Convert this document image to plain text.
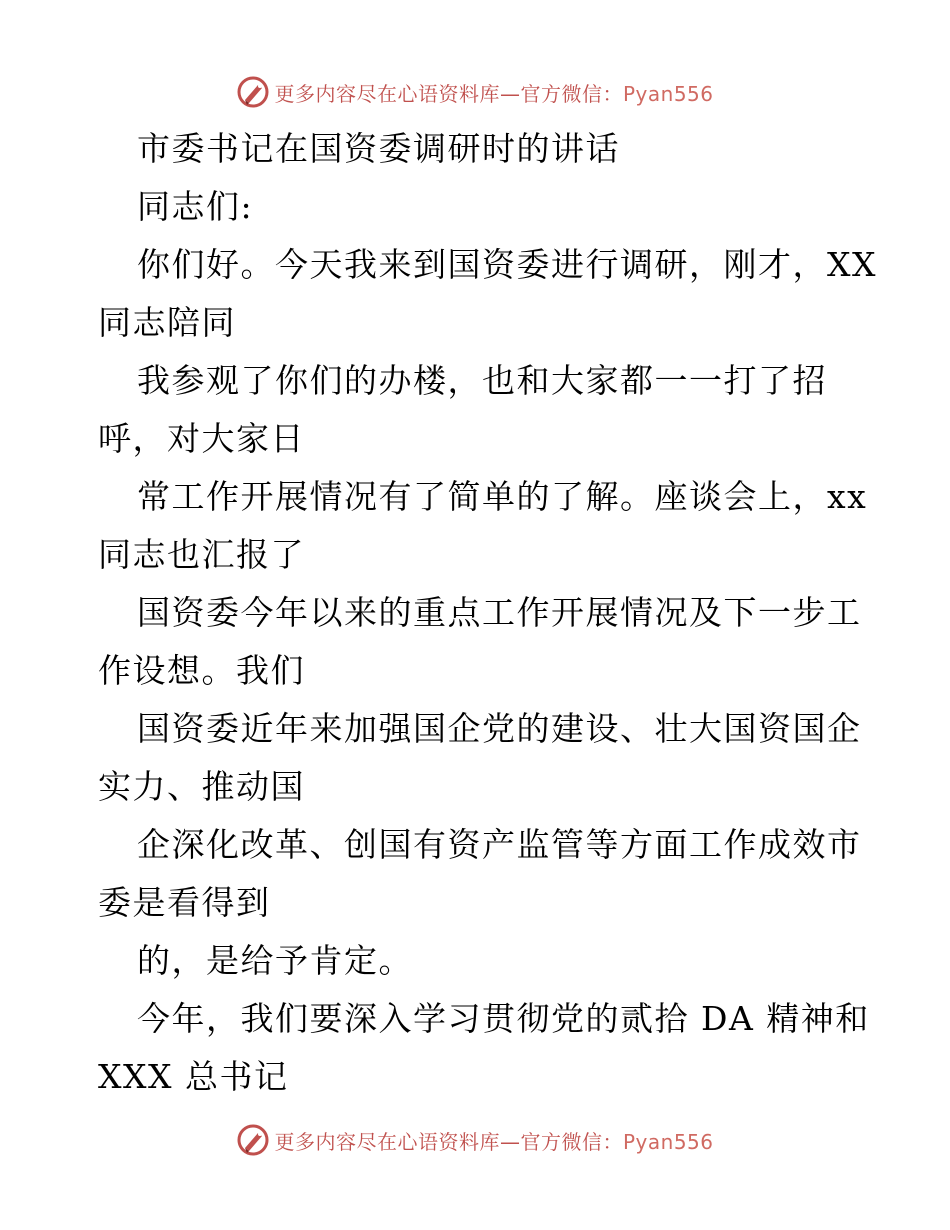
更多内容尽在心语资料库—官方微信：Pyan556
市委书记在国资委调研时的讲话
同志们:
你们好。今天我来到国资委进行调研，刚才，XX
同志陪同
我参观了你们的办楼，也和大家都一一打了招
呼，对大家日
常工作开展情况有了简单的了解。座谈会上，xx
同志也汇报了
国资委今年以来的重点工作开展情况及下一步工
作设想。我们
国资委近年来加强国企党的建设、壮大国资国企
实力、推动国
企深化改革、创国有资产监管等方面工作成效市
委是看得到
的，是给予肯定。
今年，我们要深入学习贯彻党的贰拾 DA 精神和
XXX 总书记
更多内容尽在心语资料库—官方微信：Pyan556
